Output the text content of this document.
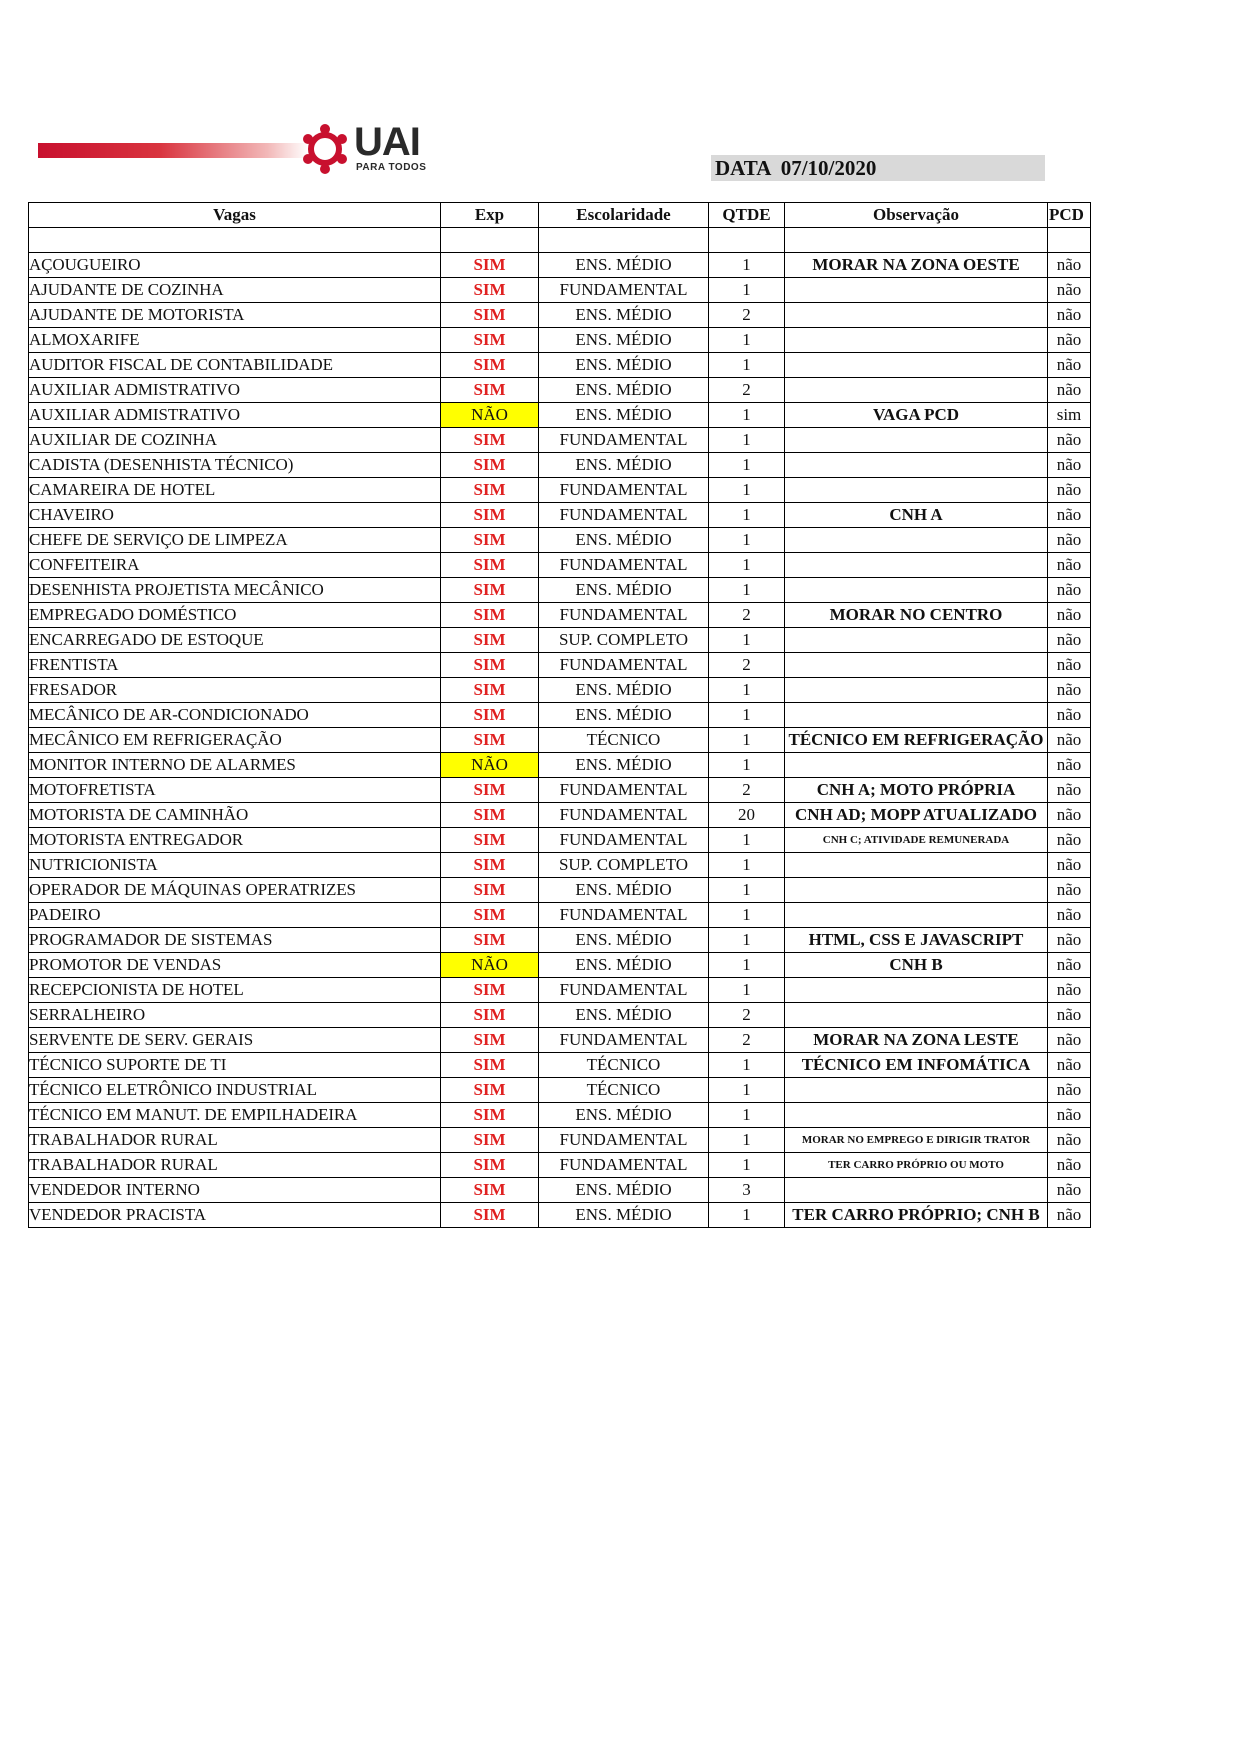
UAI
PARA TODOS	DATA  07/10/2020
Vagas	Exp	Escolaridade	QTDE	Observação	PCD

AÇOUGUEIRO	SIM	ENS. MÉDIO	1	MORAR NA ZONA OESTE	não
AJUDANTE DE COZINHA	SIM	FUNDAMENTAL	1		não
AJUDANTE DE MOTORISTA	SIM	ENS. MÉDIO	2		não
ALMOXARIFE	SIM	ENS. MÉDIO	1		não
AUDITOR FISCAL DE CONTABILIDADE	SIM	ENS. MÉDIO	1		não
AUXILIAR ADMISTRATIVO	SIM	ENS. MÉDIO	2		não
AUXILIAR ADMISTRATIVO	NÃO	ENS. MÉDIO	1	VAGA PCD	sim
AUXILIAR DE COZINHA	SIM	FUNDAMENTAL	1		não
CADISTA (DESENHISTA TÉCNICO)	SIM	ENS. MÉDIO	1		não
CAMAREIRA DE HOTEL	SIM	FUNDAMENTAL	1		não
CHAVEIRO	SIM	FUNDAMENTAL	1	CNH A	não
CHEFE DE SERVIÇO DE LIMPEZA	SIM	ENS. MÉDIO	1		não
CONFEITEIRA	SIM	FUNDAMENTAL	1		não
DESENHISTA PROJETISTA MECÂNICO	SIM	ENS. MÉDIO	1		não
EMPREGADO DOMÉSTICO	SIM	FUNDAMENTAL	2	MORAR NO CENTRO	não
ENCARREGADO DE ESTOQUE	SIM	SUP. COMPLETO	1		não
FRENTISTA	SIM	FUNDAMENTAL	2		não
FRESADOR	SIM	ENS. MÉDIO	1		não
MECÂNICO DE AR-CONDICIONADO	SIM	ENS. MÉDIO	1		não
MECÂNICO EM REFRIGERAÇÃO	SIM	TÉCNICO	1	TÉCNICO EM REFRIGERAÇÃO	não
MONITOR INTERNO DE ALARMES	NÃO	ENS. MÉDIO	1		não
MOTOFRETISTA	SIM	FUNDAMENTAL	2	CNH A; MOTO PRÓPRIA	não
MOTORISTA DE CAMINHÃO	SIM	FUNDAMENTAL	20	CNH AD; MOPP ATUALIZADO	não
MOTORISTA ENTREGADOR	SIM	FUNDAMENTAL	1	CNH C; ATIVIDADE REMUNERADA	não
NUTRICIONISTA	SIM	SUP. COMPLETO	1		não
OPERADOR DE MÁQUINAS OPERATRIZES	SIM	ENS. MÉDIO	1		não
PADEIRO	SIM	FUNDAMENTAL	1		não
PROGRAMADOR DE SISTEMAS	SIM	ENS. MÉDIO	1	HTML, CSS E JAVASCRIPT	não
PROMOTOR DE VENDAS	NÃO	ENS. MÉDIO	1	CNH B	não
RECEPCIONISTA DE HOTEL	SIM	FUNDAMENTAL	1		não
SERRALHEIRO	SIM	ENS. MÉDIO	2		não
SERVENTE DE SERV. GERAIS	SIM	FUNDAMENTAL	2	MORAR NA ZONA LESTE	não
TÉCNICO SUPORTE DE TI	SIM	TÉCNICO	1	TÉCNICO EM INFOMÁTICA	não
TÉCNICO ELETRÔNICO INDUSTRIAL	SIM	TÉCNICO	1		não
TÉCNICO EM MANUT. DE EMPILHADEIRA	SIM	ENS. MÉDIO	1		não
TRABALHADOR RURAL	SIM	FUNDAMENTAL	1	MORAR NO EMPREGO E DIRIGIR TRATOR	não
TRABALHADOR RURAL	SIM	FUNDAMENTAL	1	TER CARRO PRÓPRIO OU MOTO	não
VENDEDOR INTERNO	SIM	ENS. MÉDIO	3		não
VENDEDOR PRACISTA	SIM	ENS. MÉDIO	1	TER CARRO PRÓPRIO; CNH B	não
